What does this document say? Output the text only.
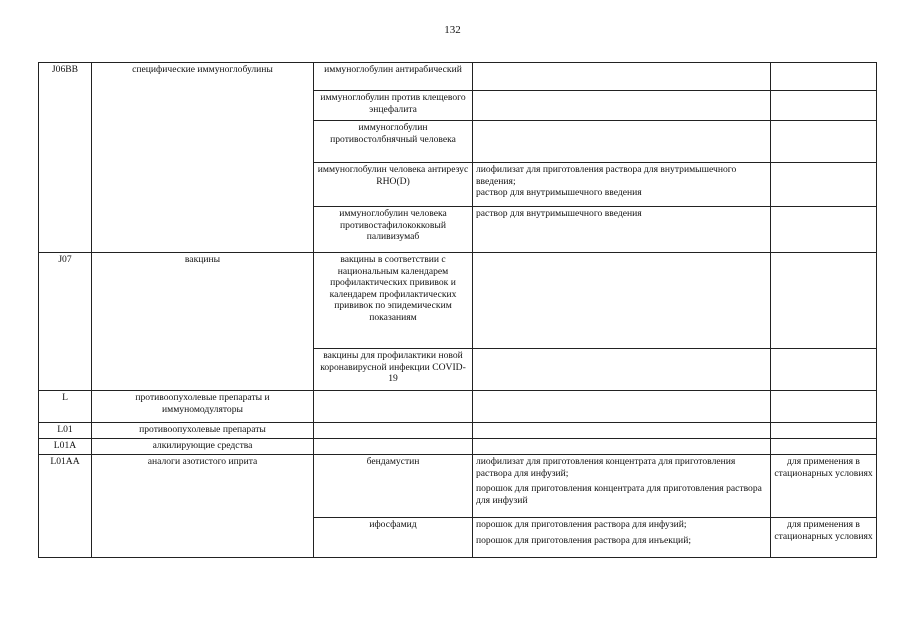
132
J06BB	специфические иммуноглобулины	иммуноглобулин антирабический		
		иммуноглобулин против клещевого энцефалита		
		иммуноглобулин противостолбнячный человека		
		иммуноглобулин человека антирезус RHO(D)	лиофилизат для приготовления раствора для внутримышечного введения;
раствор для внутримышечного введения	

		иммуноглобулин человека противостафилококковый паливизумаб	раствор для внутримышечного введения	

J07	вакцины	вакцины в соответствии с национальным календарем профилактических прививок и календарем профилактических прививок по эпидемическим показаниям		
		вакцины для профилактики новой коронавирусной инфекции COVID-19		
L	противоопухолевые препараты и иммуномодуляторы			
L01	противоопухолевые препараты			
L01A	алкилирующие средства			
L01AA	аналоги азотистого иприта	бендамустин	лиофилизат для приготовления концентрата для приготовления раствора для инфузий;
порошок для приготовления концентрата для приготовления раствора для инфузий	для применения в стационарных условиях
		ифосфамид	порошок для приготовления раствора для инфузий;
порошок для приготовления раствора для инъекций;	для применения в стационарных условиях
